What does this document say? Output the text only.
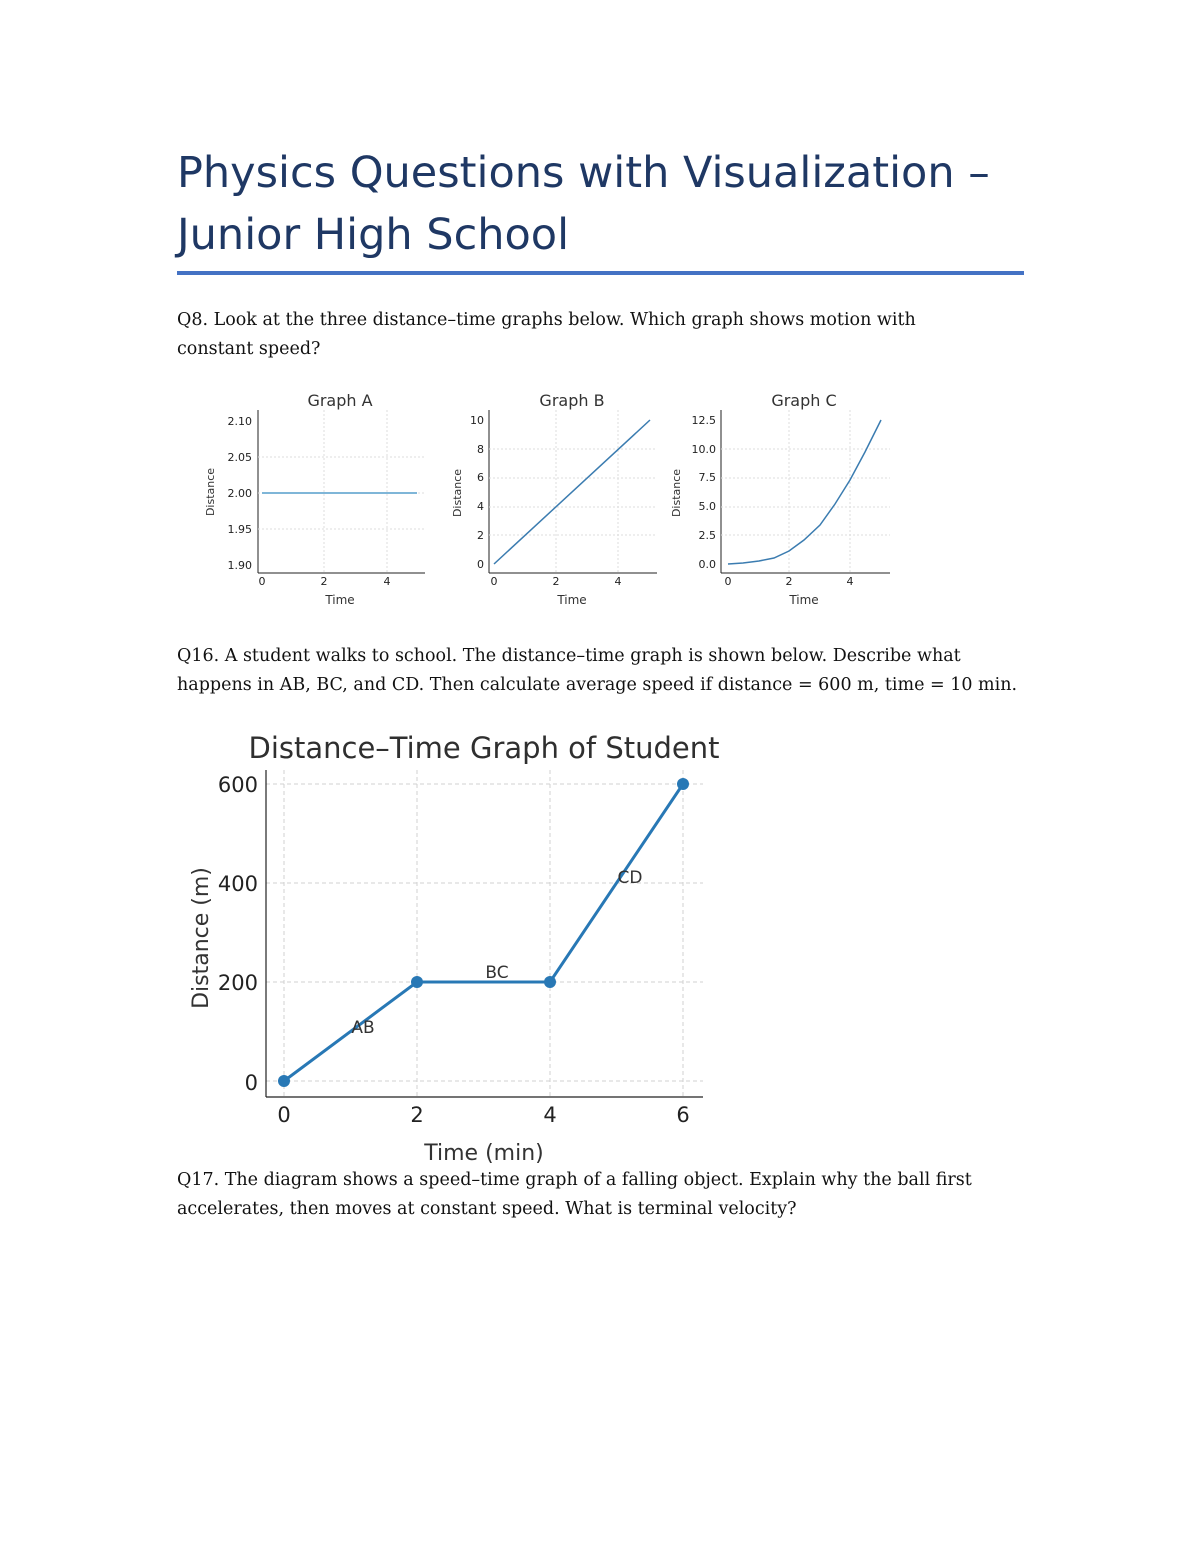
Physics Questions with Visualization –
Junior High School
Q8. Look at the three distance–time graphs below. Which graph shows motion with
constant speed?
Graph A
Distance
Time
2.10
2.05
2.00
1.95
1.90
0	2	4
Graph B
Distance
Time
10
8
6
4
2
0
0	2	4
Graph C
Distance
Time
12.5
10.0
7.5
5.0
2.5
0.0
0	2	4
Q16. A student walks to school. The distance–time graph is shown below. Describe what
happens in AB, BC, and CD. Then calculate average speed if distance = 600 m, time = 10 min.
Distance–Time Graph of Student
Distance (m)
Time (min)
600
400
200
0
0	2	4	6
AB
BC
CD
Q17. The diagram shows a speed–time graph of a falling object. Explain why the ball first
accelerates, then moves at constant speed. What is terminal velocity?
